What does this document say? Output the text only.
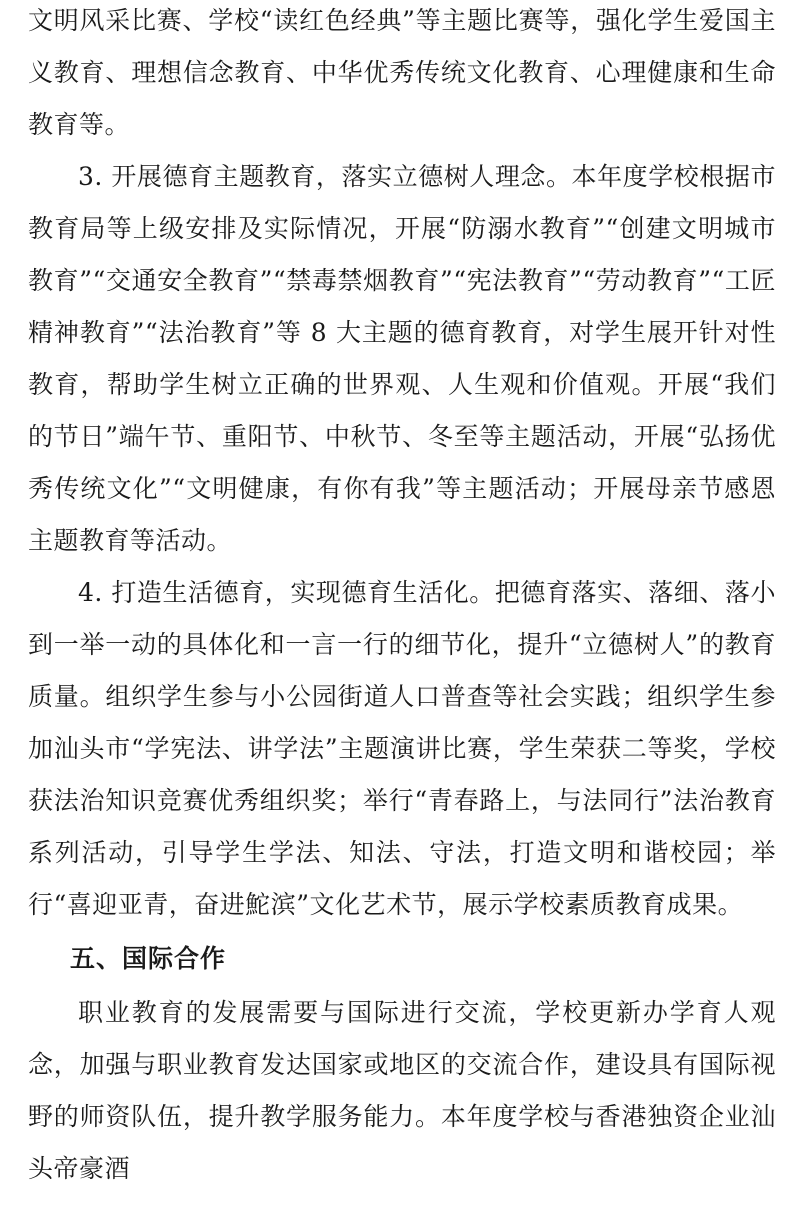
文明风采比赛、学校“读红色经典”等主题比赛等，强化学生爱国主义教育、理想信念教育、中华优秀传统文化教育、心理健康和生命教育等。

3. 开展德育主题教育，落实立德树人理念。本年度学校根据市教育局等上级安排及实际情况，开展“防溺水教育”“创建文明城市教育”“交通安全教育”“禁毒禁烟教育”“宪法教育”“劳动教育”“工匠精神教育”“法治教育”等 8 大主题的德育教育，对学生展开针对性教育，帮助学生树立正确的世界观、人生观和价值观。开展“我们的节日”端午节、重阳节、中秋节、冬至等主题活动，开展“弘扬优秀传统文化”“文明健康，有你有我”等主题活动；开展母亲节感恩主题教育等活动。

4. 打造生活德育，实现德育生活化。把德育落实、落细、落小到一举一动的具体化和一言一行的细节化，提升“立德树人”的教育质量。组织学生参与小公园街道人口普查等社会实践；组织学生参加汕头市“学宪法、讲学法”主题演讲比赛，学生荣获二等奖，学校获法治知识竞赛优秀组织奖；举行“青春路上，与法同行”法治教育系列活动，引导学生学法、知法、守法，打造文明和谐校园；举行“喜迎亚青，奋进鮀滨”文化艺术节，展示学校素质教育成果。

五、国际合作

职业教育的发展需要与国际进行交流，学校更新办学育人观念，加强与职业教育发达国家或地区的交流合作，建设具有国际视野的师资队伍，提升教学服务能力。本年度学校与香港独资企业汕头帝豪酒
